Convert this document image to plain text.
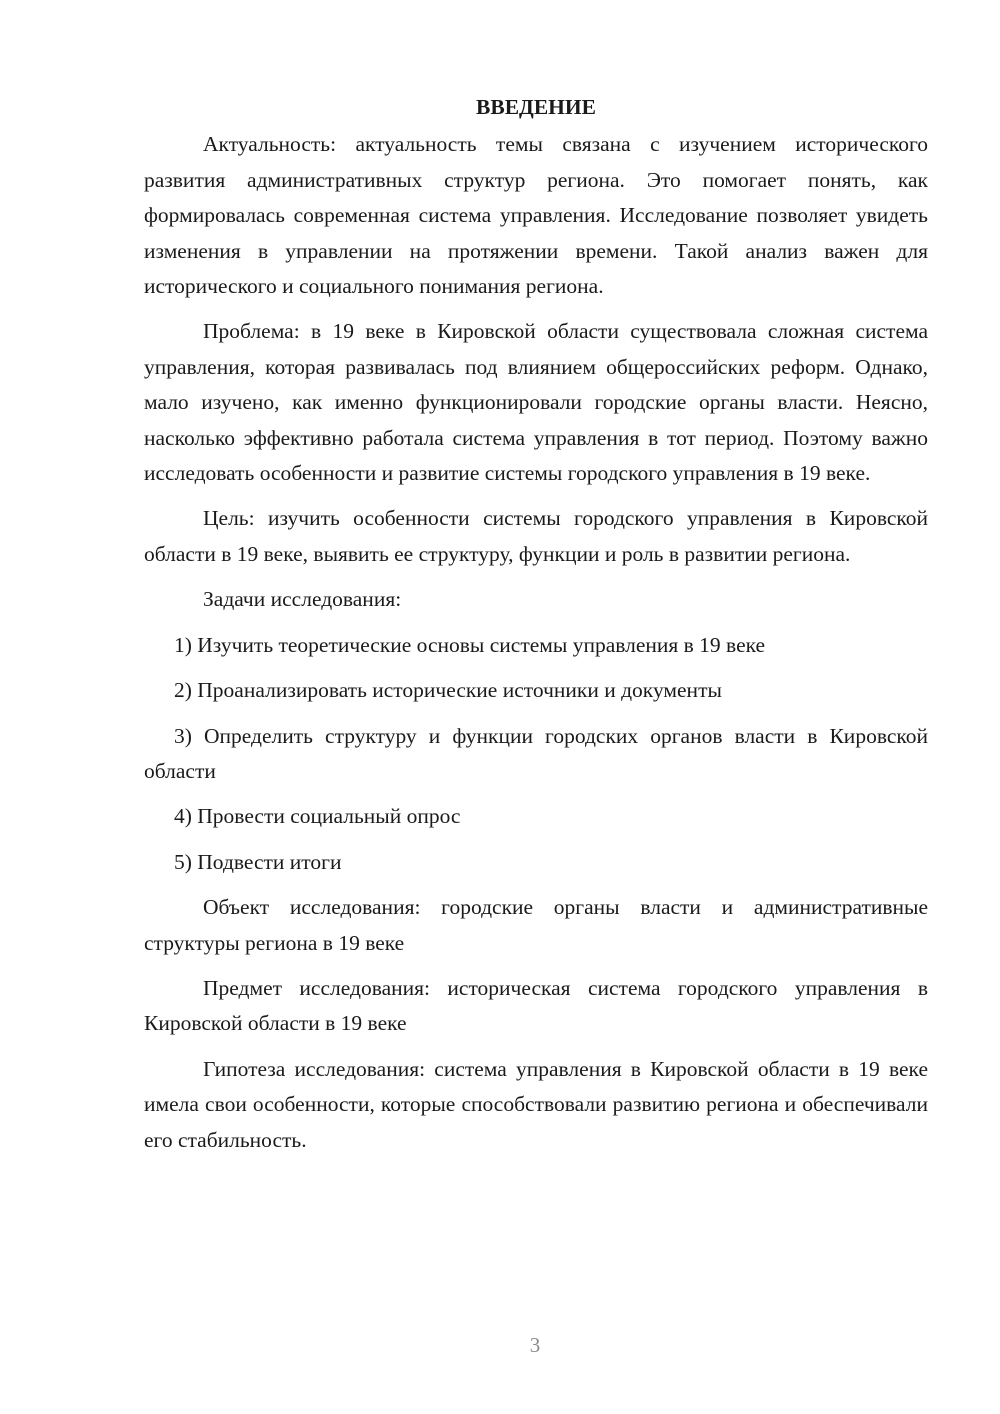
ВВЕДЕНИЕ

Актуальность: актуальность темы связана с изучением исторического развития административных структур региона. Это помогает понять, как формировалась современная система управления. Исследование позволяет увидеть изменения в управлении на протяжении времени. Такой анализ важен для исторического и социального понимания региона.

Проблема: в 19 веке в Кировской области существовала сложная система управления, которая развивалась под влиянием общероссийских реформ. Однако, мало изучено, как именно функционировали городские органы власти. Неясно, насколько эффективно работала система управления в тот период. Поэтому важно исследовать особенности и развитие системы городского управления в 19 веке.

Цель: изучить особенности системы городского управления в Кировской области в 19 веке, выявить ее структуру, функции и роль в развитии региона.

Задачи исследования:

1) Изучить теоретические основы системы управления в 19 веке

2) Проанализировать исторические источники и документы

3) Определить структуру и функции городских органов власти в Кировской области

4) Провести социальный опрос

5) Подвести итоги

Объект исследования: городские органы власти и административные структуры региона в 19 веке

Предмет исследования: историческая система городского управления в Кировской области в 19 веке

Гипотеза исследования: система управления в Кировской области в 19 веке имела свои особенности, которые способствовали развитию региона и обеспечивали его стабильность.

3
